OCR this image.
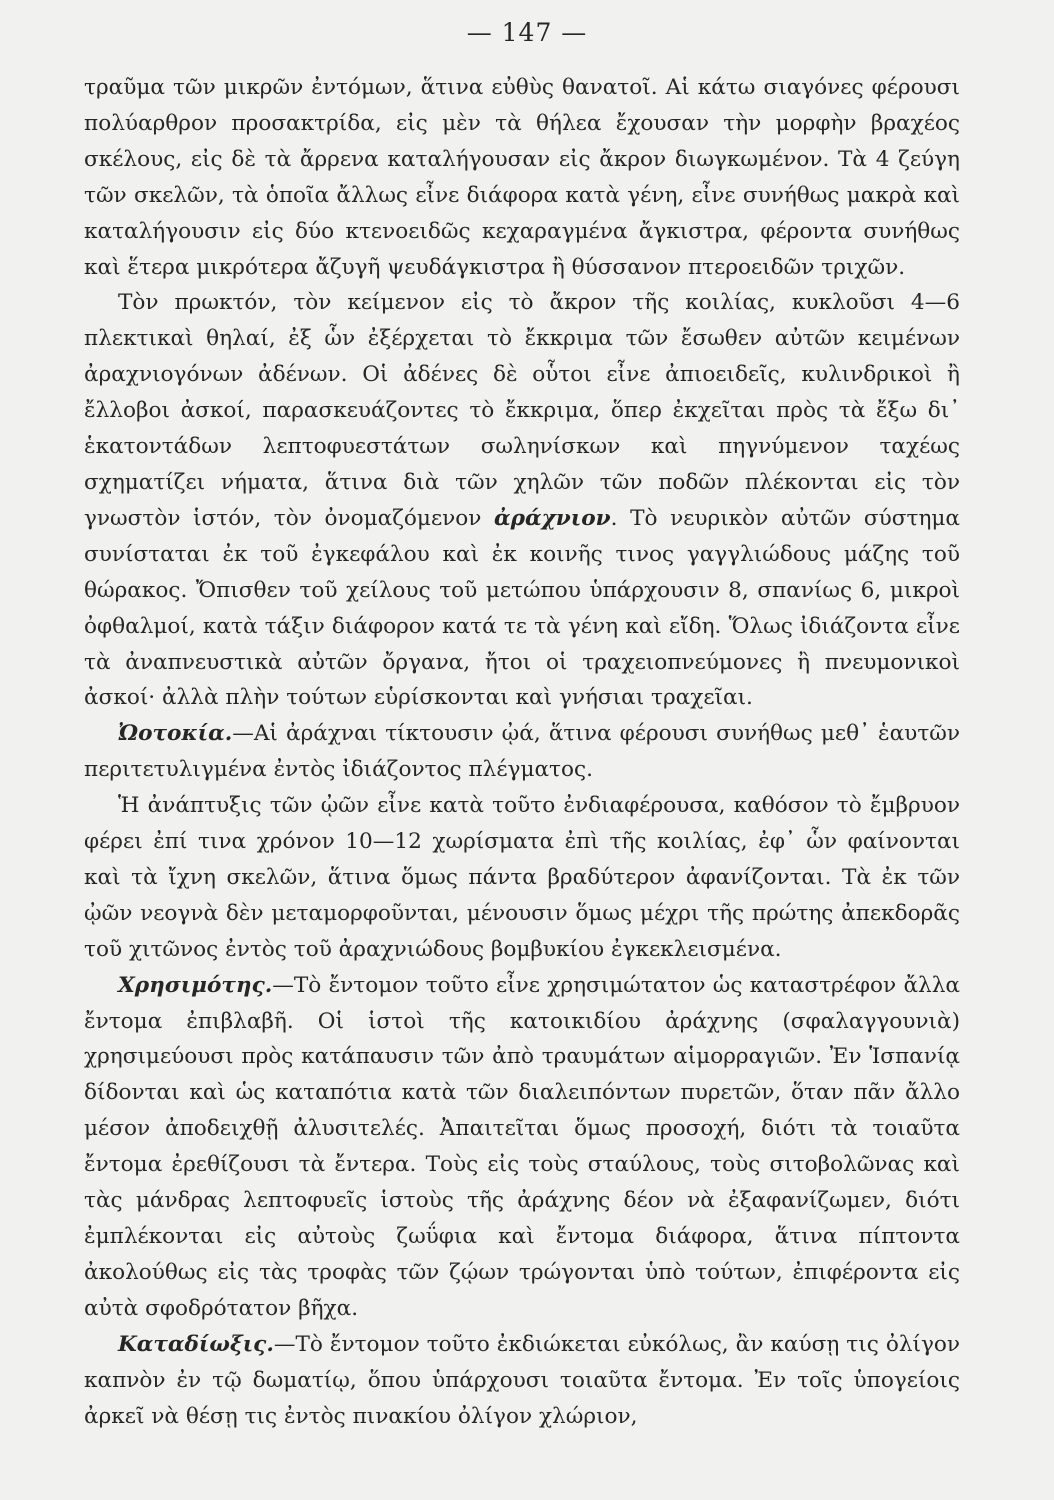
— 147 —

τραῦμα τῶν μικρῶν ἐντόμων, ἅτινα εὐθὺς θανατοῖ. Αἱ κάτω σιαγόνες φέρουσι πολύαρθρον προσακτρίδα, εἰς μὲν τὰ θήλεα ἔχουσαν τὴν μορφὴν βραχέος σκέλους, εἰς δὲ τὰ ἄρρενα καταλήγουσαν εἰς ἄκρον διωγκωμένον. Τὰ 4 ζεύγη τῶν σκελῶν, τὰ ὁποῖα ἄλλως εἶνε διάφορα κατὰ γένη, εἶνε συνήθως μακρὰ καὶ καταλήγουσιν εἰς δύο κτενοειδῶς κεχαραγμένα ἄγκιστρα, φέροντα συνήθως καὶ ἕτερα μικρότερα ἄζυγῆ ψευδάγκιστρα ἢ θύσσανον πτεροειδῶν τριχῶν.

Τὸν πρωκτόν, τὸν κείμενον εἰς τὸ ἄκρον τῆς κοιλίας, κυκλοῦσι 4—6 πλεκτικαὶ θηλαί, ἐξ ὧν ἐξέρχεται τὸ ἔκκριμα τῶν ἔσωθεν αὐτῶν κειμένων ἀραχνιογόνων ἀδένων. Οἱ ἀδένες δὲ οὗτοι εἶνε ἀπιοειδεῖς, κυλινδρικοὶ ἢ ἔλλοβοι ἀσκοί, παρασκευάζοντες τὸ ἔκκριμα, ὅπερ ἐκχεῖται πρὸς τὰ ἔξω δι᾽ ἑκατοντάδων λεπτοφυεστάτων σωληνίσκων καὶ πηγνύμενον ταχέως σχηματίζει νήματα, ἅτινα διὰ τῶν χηλῶν τῶν ποδῶν πλέκονται εἰς τὸν γνωστὸν ἱστόν, τὸν ὀνομαζόμενον ἀράχνιον. Τὸ νευρικὸν αὐτῶν σύστημα συνίσταται ἐκ τοῦ ἐγκεφάλου καὶ ἐκ κοινῆς τινος γαγγλιώδους μάζης τοῦ θώρακος. Ὄπισθεν τοῦ χείλους τοῦ μετώπου ὑπάρχουσιν 8, σπανίως 6, μικροὶ ὀφθαλμοί, κατὰ τάξιν διάφορον κατά τε τὰ γένη καὶ εἴδη. Ὅλως ἰδιάζοντα εἶνε τὰ ἀναπνευστικὰ αὐτῶν ὄργανα, ἤτοι οἱ τραχειοπνεύμονες ἢ πνευμονικοὶ ἀσκοί· ἀλλὰ πλὴν τούτων εὑρίσκονται καὶ γνήσιαι τραχεῖαι.

Ὠοτοκία.—Αἱ ἀράχναι τίκτουσιν ᾠά, ἅτινα φέρουσι συνήθως μεθ᾽ ἑαυτῶν περιτετυλιγμένα ἐντὸς ἰδιάζοντος πλέγματος.

Ἡ ἀνάπτυξις τῶν ᾠῶν εἶνε κατὰ τοῦτο ἐνδιαφέρουσα, καθόσον τὸ ἔμβρυον φέρει ἐπί τινα χρόνον 10—12 χωρίσματα ἐπὶ τῆς κοιλίας, ἐφ᾽ ὧν φαίνονται καὶ τὰ ἴχνη σκελῶν, ἅτινα ὅμως πάντα βραδύτερον ἀφανίζονται. Τὰ ἐκ τῶν ᾠῶν νεογνὰ δὲν μεταμορφοῦνται, μένουσιν ὅμως μέχρι τῆς πρώτης ἀπεκδορᾶς τοῦ χιτῶνος ἐντὸς τοῦ ἀραχνιώδους βομβυκίου ἐγκεκλεισμένα.

Χρησιμότης.—Τὸ ἔντομον τοῦτο εἶνε χρησιμώτατον ὡς καταστρέφον ἄλλα ἔντομα ἐπιβλαβῆ. Οἱ ἱστοὶ τῆς κατοικιδίου ἀράχνης (σφαλαγγουνιὰ) χρησιμεύουσι πρὸς κατάπαυσιν τῶν ἀπὸ τραυμάτων αἱμορραγιῶν. Ἐν Ἱσπανίᾳ δίδονται καὶ ὡς καταπότια κατὰ τῶν διαλειπόντων πυρετῶν, ὅταν πᾶν ἄλλο μέσον ἀποδειχθῇ ἀλυσιτελές. Ἀπαιτεῖται ὅμως προσοχή, διότι τὰ τοιαῦτα ἔντομα ἐρεθίζουσι τὰ ἔντερα. Τοὺς εἰς τοὺς σταύλους, τοὺς σιτοβολῶνας καὶ τὰς μάνδρας λεπτοφυεῖς ἱστοὺς τῆς ἀράχνης δέον νὰ ἐξαφανίζωμεν, διότι ἐμπλέκονται εἰς αὐτοὺς ζωΰφια καὶ ἔντομα διάφορα, ἅτινα πίπτοντα ἀκολούθως εἰς τὰς τροφὰς τῶν ζῴων τρώγονται ὑπὸ τούτων, ἐπιφέροντα εἰς αὐτὰ σφοδρότατον βῆχα.

Καταδίωξις.—Τὸ ἔντομον τοῦτο ἐκδιώκεται εὐκόλως, ἂν καύσῃ τις ὀλίγον καπνὸν ἐν τῷ δωματίῳ, ὅπου ὑπάρχουσι τοιαῦτα ἔντομα. Ἐν τοῖς ὑπογείοις ἀρκεῖ νὰ θέσῃ τις ἐντὸς πινακίου ὀλίγον χλώριον,
